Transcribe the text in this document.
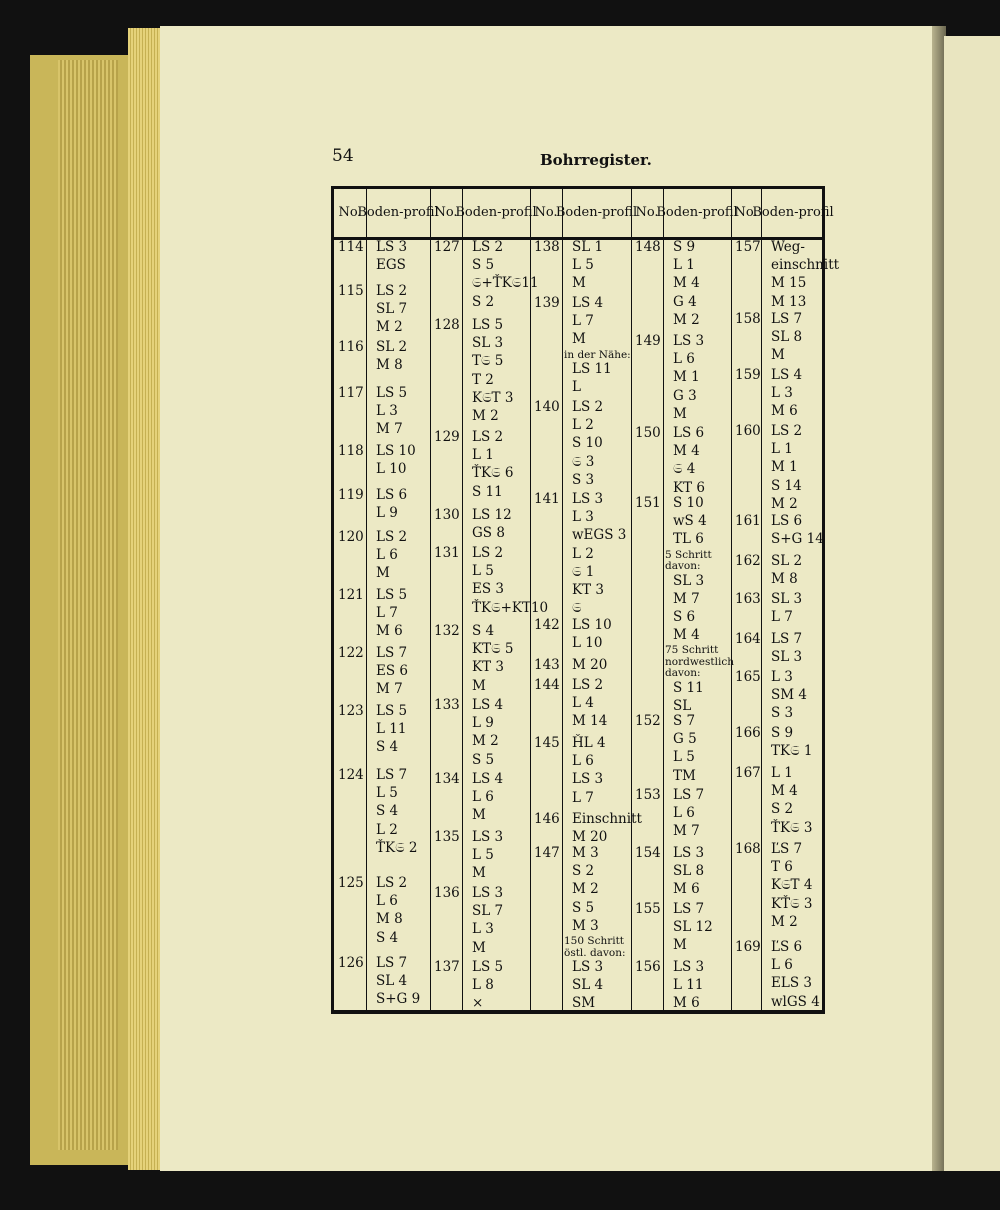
54	Bohrregister.
No.
Boden- profil
No.
Boden- profil
No.
Boden- profil
No.
Boden- profil
No.
Boden- profil
114 LS 3
EGS
115 LS 2
SL 7
M 2
116 SL 2
M 8
117 LS 5
L 3
M 7
118 LS 10
L 10
119 LS 6
L 9
120 LS 2
L 6
M
121 LS 5
L 7
M 6
122 LS 7
ES 6
M 7
123 LS 5
L 11
S 4
124 LS 7
L 5
S 4
L 2
ŤK𝔖 2
125 LS 2
L 6
M 8
S 4
126 LS 7
SL 4
S+G 9
127 LS 2
S 5
𝔖+ŤK𝔖11
S 2
128 LS 5
SL 3
T𝔖 5
T 2
K𝔖T 3
M 2
129 LS 2
L 1
ŤK𝔖 6
S 11
130 LS 12
GS 8
131 LS 2
L 5
ES 3
ŤK𝔖+KT10
132 S 4
KT𝔖 5
KT 3
M
133 LS 4
L 9
M 2
S 5
134 LS 4
L 6
M
135 LS 3
L 5
M
136 LS 3
SL 7
L 3
M
137 LS 5
L 8
⨯
138 SL 1
L 5
M
139 LS 4
L 7
M
in der Nähe:
LS 11
L
140 LS 2
L 2
S 10
𝔖 3
S 3
141 LS 3
L 3
wEGS 3
L 2
𝔖 1
KT 3
𝔖
142 LS 10
L 10
143 M 20
144 LS 2
L 4
M 14
145 ȞL 4
L 6
LS 3
L 7
146 Einschnitt
M 20
147 M 3
S 2
M 2
S 5
M 3
150 Schritt
östl. davon:
LS 3
SL 4
SM
148 S 9
L 1
M 4
G 4
M 2
149 LS 3
L 6
M 1
G 3
M
150 LS 6
M 4
𝔖 4
KT 6
151 S 10
wS 4
TL 6
5 Schritt
davon:
SL 3
M 7
S 6
M 4
75 Schritt
nordwestlich
davon:
S 11
SL
152 S 7
G 5
L 5
TM
153 LS 7
L 6
M 7
154 LS 3
SL 8
M 6
155 LS 7
SL 12
M
156 LS 3
L 11
M 6
157 Weg-
einschnitt
M 15
M 13
158 LS 7
SL 8
M
159 LS 4
L 3
M 6
160 LS 2
L 1
M 1
S 14
M 2
161 LS 6
S+G 14
162 SL 2
M 8
163 SL 3
L 7
164 LS 7
SL 3
165 L 3
SM 4
S 3
166 S 9
TK𝔖 1
167 L 1
M 4
S 2
ŤK𝔖 3
168 ĽS 7
T 6
K𝔖T 4
KŤ𝔖 3
M 2
169 ĽS 6
L 6
ELS 3
wlGS 4
